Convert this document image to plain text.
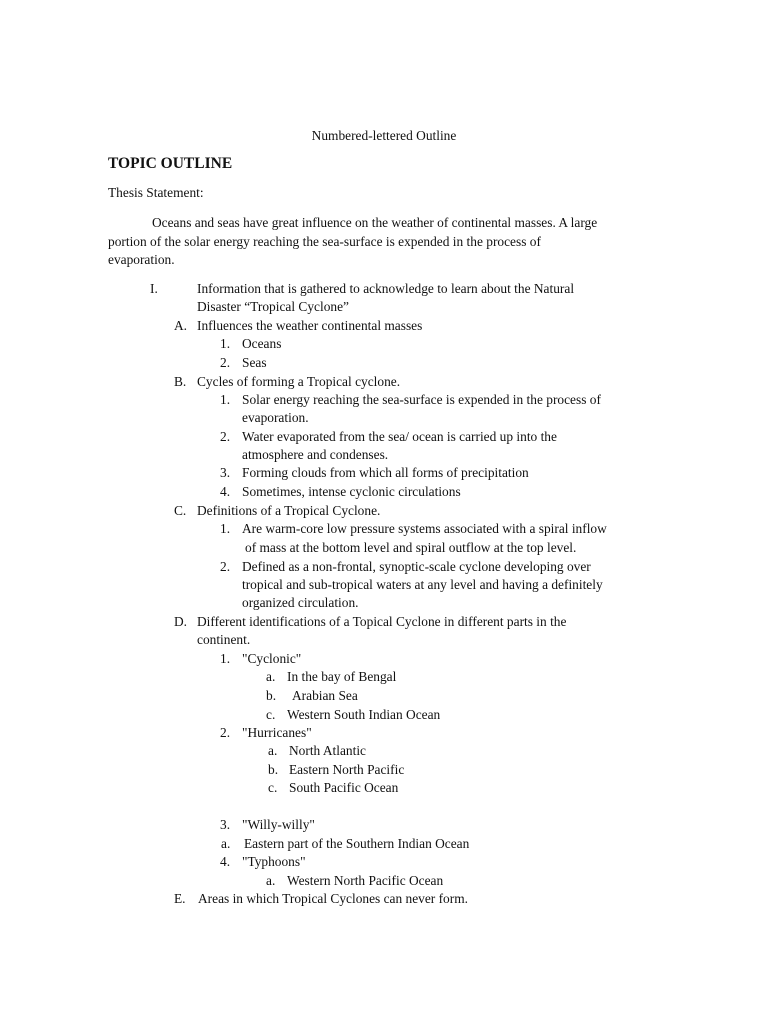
Numbered-lettered Outline
TOPIC OUTLINE
Thesis Statement:
Oceans and seas have great influence on the weather of continental masses. A large
portion of the solar energy reaching the sea-surface is expended in the process of
evaporation.
I.	Information that is gathered to acknowledge to learn about the Natural
Disaster “Tropical Cyclone”
A. Influences the weather continental masses
1. Oceans
2. Seas
B. Cycles of forming a Tropical cyclone.
1. Solar energy reaching the sea-surface is expended in the process of
evaporation.
2. Water evaporated from the sea/ ocean is carried up into the
atmosphere and condenses.
3. Forming clouds from which all forms of precipitation
4. Sometimes, intense cyclonic circulations
C. Definitions of a Tropical Cyclone.
1. Are warm-core low pressure systems associated with a spiral inflow
of mass at the bottom level and spiral outflow at the top level.
2. Defined as a non-frontal, synoptic-scale cyclone developing over
tropical and sub-tropical waters at any level and having a definitely
organized circulation.
D. Different identifications of a Topical Cyclone in different parts in the
continent.
1. "Cyclonic"
a. In the bay of Bengal
b. Arabian Sea
c. Western South Indian Ocean
2. "Hurricanes"
a. North Atlantic
b. Eastern North Pacific
c. South Pacific Ocean
3. "Willy-willy"
a. Eastern part of the Southern Indian Ocean
4. "Typhoons"
a. Western North Pacific Ocean
E. Areas in which Tropical Cyclones can never form.
